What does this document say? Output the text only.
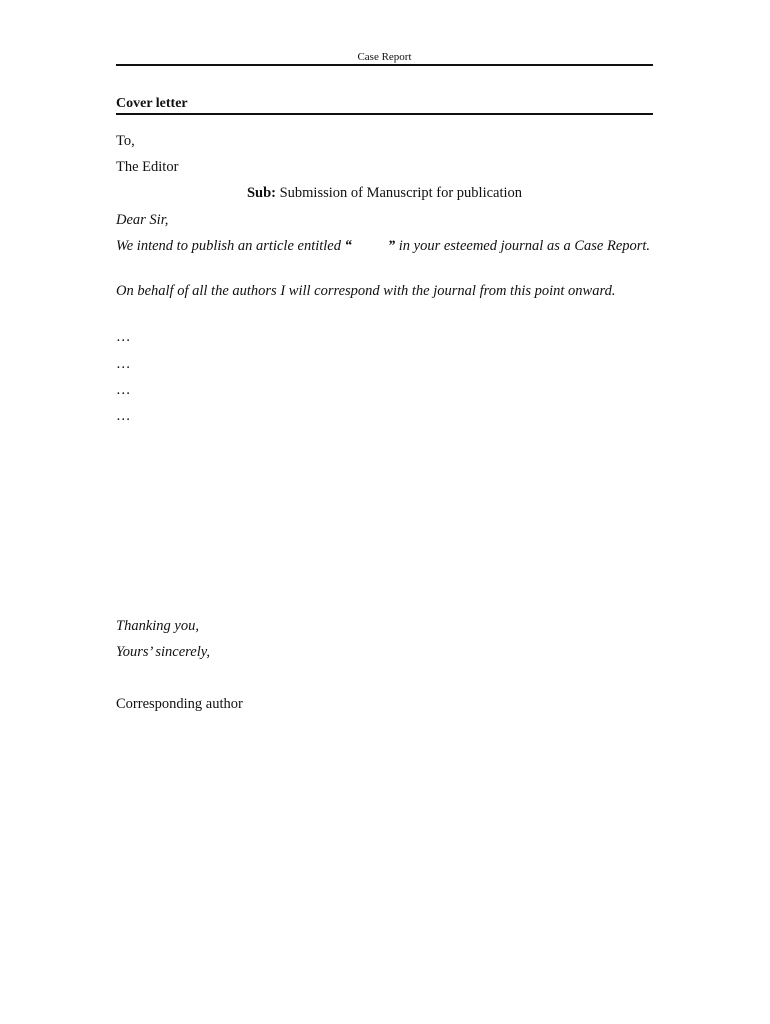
Case Report
Cover letter
To,
The Editor
Sub: Submission of Manuscript for publication
Dear Sir,
We intend to publish an article entitled “ ” in your esteemed journal as a Case Report.
On behalf of all the authors I will correspond with the journal from this point onward.
…
…
…
…
Thanking you,
Yours’ sincerely,
Corresponding author
